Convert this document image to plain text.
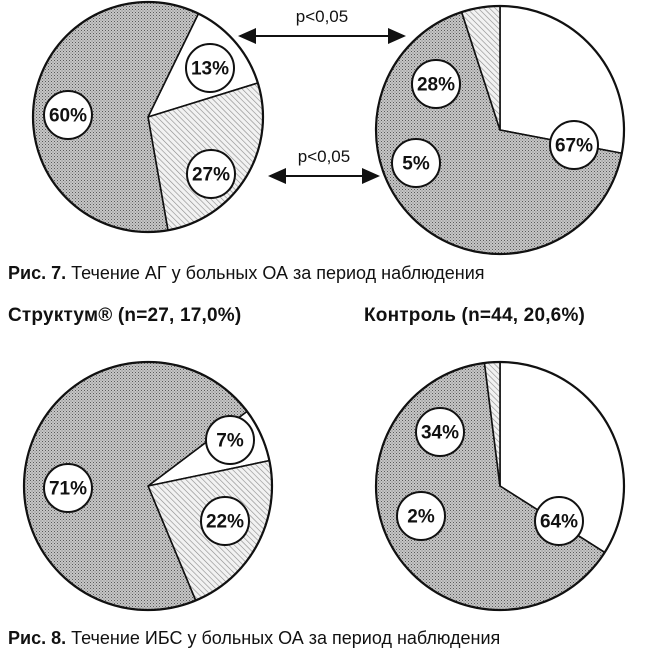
13%
27%
60%
28%
67%
5%
7%
22%
71%
34%
64%
2%
p<0,05
p<0,05
Рис. 7. Течение АГ у больных ОА за период наблюдения
Структум® (n=27, 17,0%)	Контроль (n=44, 20,6%)
Рис. 8. Течение ИБС у больных ОА за период наблюдения
